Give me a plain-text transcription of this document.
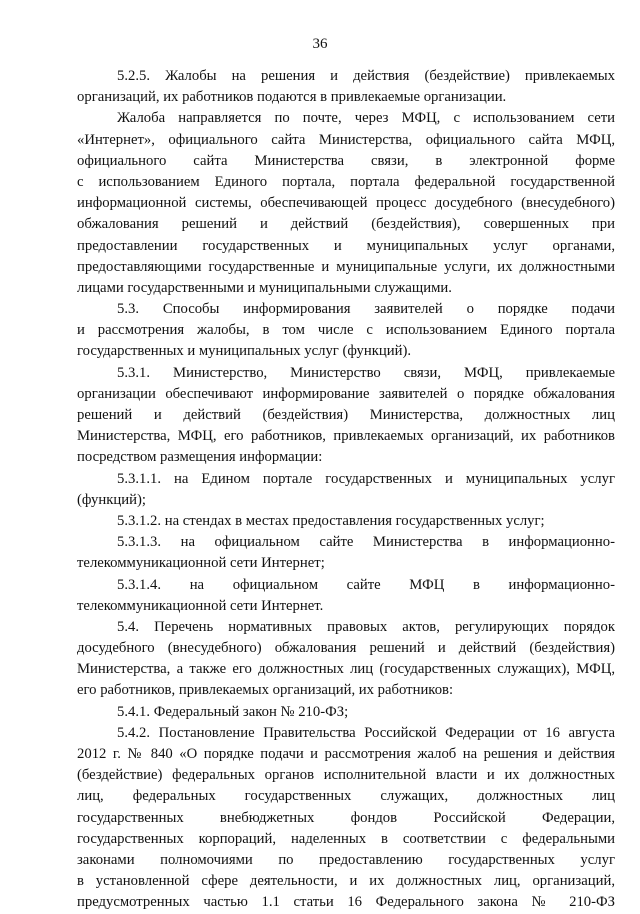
36
5.2.5. Жалобы на решения и действия (бездействие) привлекаемых
организаций, их работников подаются в привлекаемые организации.
Жалоба направляется по почте, через МФЦ, с использованием сети
«Интернет», официального сайта Министерства, официального сайта МФЦ,
официального сайта Министерства связи, в электронной форме
с использованием Единого портала, портала федеральной государственной
информационной системы, обеспечивающей процесс досудебного (внесудебного)
обжалования решений и действий (бездействия), совершенных при
предоставлении государственных и муниципальных услуг органами,
предоставляющими государственные и муниципальные услуги, их должностными
лицами государственными и муниципальными служащими.
5.3. Способы информирования заявителей о порядке подачи
и рассмотрения жалобы, в том числе с использованием Единого портала
государственных и муниципальных услуг (функций).
5.3.1. Министерство, Министерство связи, МФЦ, привлекаемые
организации обеспечивают информирование заявителей о порядке обжалования
решений и действий (бездействия) Министерства, должностных лиц
Министерства, МФЦ, его работников, привлекаемых организаций, их работников
посредством размещения информации:
5.3.1.1. на Едином портале государственных и муниципальных услуг
(функций);
5.3.1.2. на стендах в местах предоставления государственных услуг;
5.3.1.3. на официальном сайте Министерства в информационно-
телекоммуникационной сети Интернет;
5.3.1.4. на официальном сайте МФЦ в информационно-
телекоммуникационной сети Интернет.
5.4. Перечень нормативных правовых актов, регулирующих порядок
досудебного (внесудебного) обжалования решений и действий (бездействия)
Министерства, а также его должностных лиц (государственных служащих), МФЦ,
его работников, привлекаемых организаций, их работников:
5.4.1. Федеральный закон № 210-ФЗ;
5.4.2. Постановление Правительства Российской Федерации от 16 августа
2012 г. № 840 «О порядке подачи и рассмотрения жалоб на решения и действия
(бездействие) федеральных органов исполнительной власти и их должностных
лиц, федеральных государственных служащих, должностных лиц
государственных внебюджетных фондов Российской Федерации,
государственных корпораций, наделенных в соответствии с федеральными
законами полномочиями по предоставлению государственных услуг
в установленной сфере деятельности, и их должностных лиц, организаций,
предусмотренных частью 1.1 статьи 16 Федерального закона № 210-ФЗ
